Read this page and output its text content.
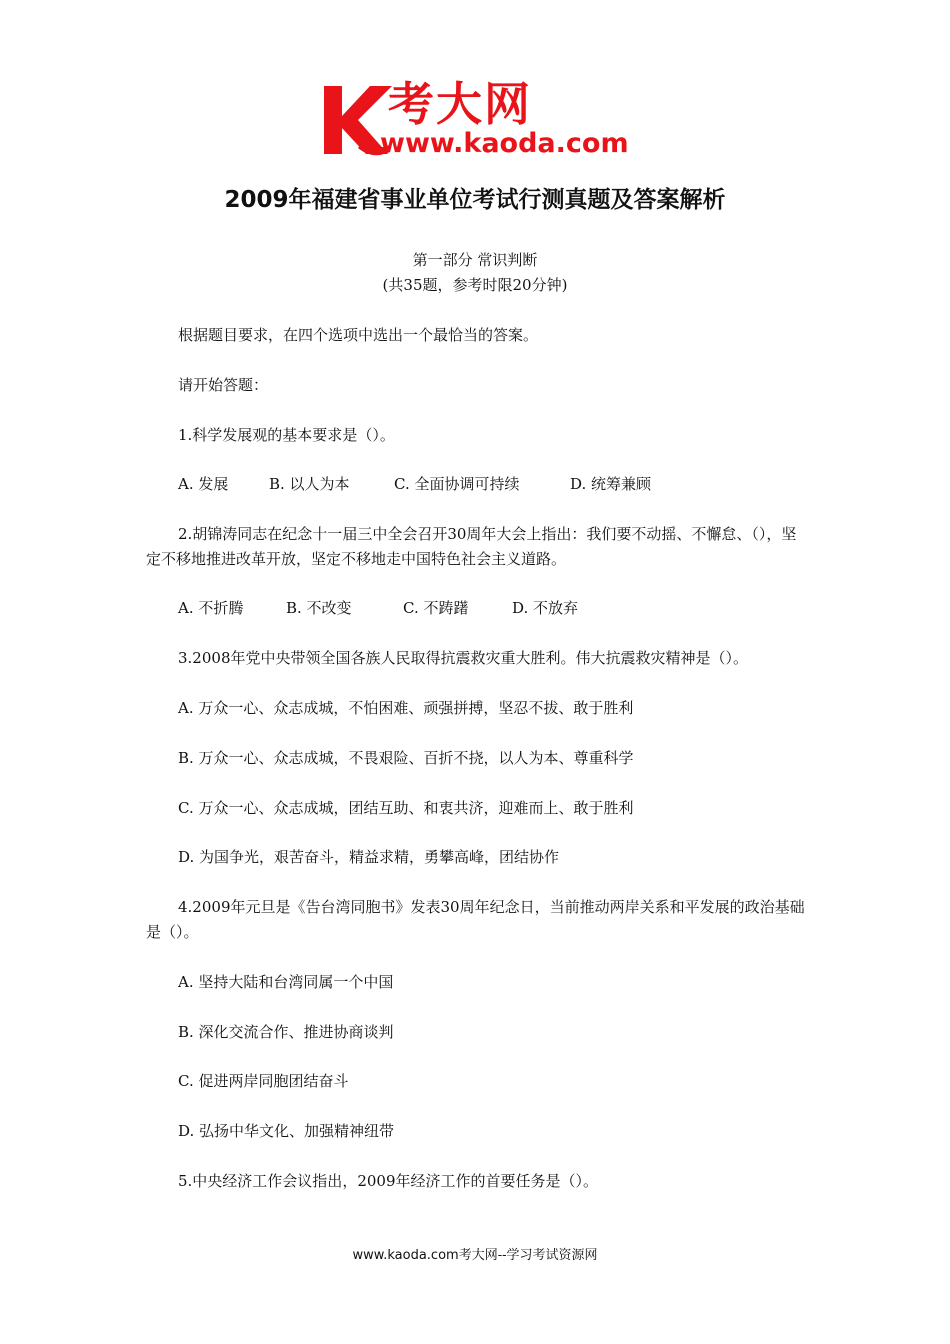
考大网
www.kaoda.com
2009年福建省事业单位考试行测真题及答案解析
第一部分 常识判断
(共35题，参考时限20分钟)
根据题目要求，在四个选项中选出一个最恰当的答案。
请开始答题：
1.科学发展观的基本要求是（）。
A. 发展	B. 以人为本	C. 全面协调可持续	D. 统筹兼顾
2.胡锦涛同志在纪念十一届三中全会召开30周年大会上指出：我们要不动摇、不懈怠、（），坚定不移地推进改革开放，坚定不移地走中国特色社会主义道路。
A. 不折腾	B. 不改变	C. 不踌躇	D. 不放弃
3.2008年党中央带领全国各族人民取得抗震救灾重大胜利。伟大抗震救灾精神是（）。
A. 万众一心、众志成城，不怕困难、顽强拼搏，坚忍不拔、敢于胜利
B. 万众一心、众志成城，不畏艰险、百折不挠，以人为本、尊重科学
C. 万众一心、众志成城，团结互助、和衷共济，迎难而上、敢于胜利
D. 为国争光，艰苦奋斗，精益求精，勇攀高峰，团结协作
4.2009年元旦是《告台湾同胞书》发表30周年纪念日，当前推动两岸关系和平发展的政治基础是（）。
A. 坚持大陆和台湾同属一个中国
B. 深化交流合作、推进协商谈判
C. 促进两岸同胞团结奋斗
D. 弘扬中华文化、加强精神纽带
5.中央经济工作会议指出，2009年经济工作的首要任务是（）。
www.kaoda.com考大网--学习考试资源网
